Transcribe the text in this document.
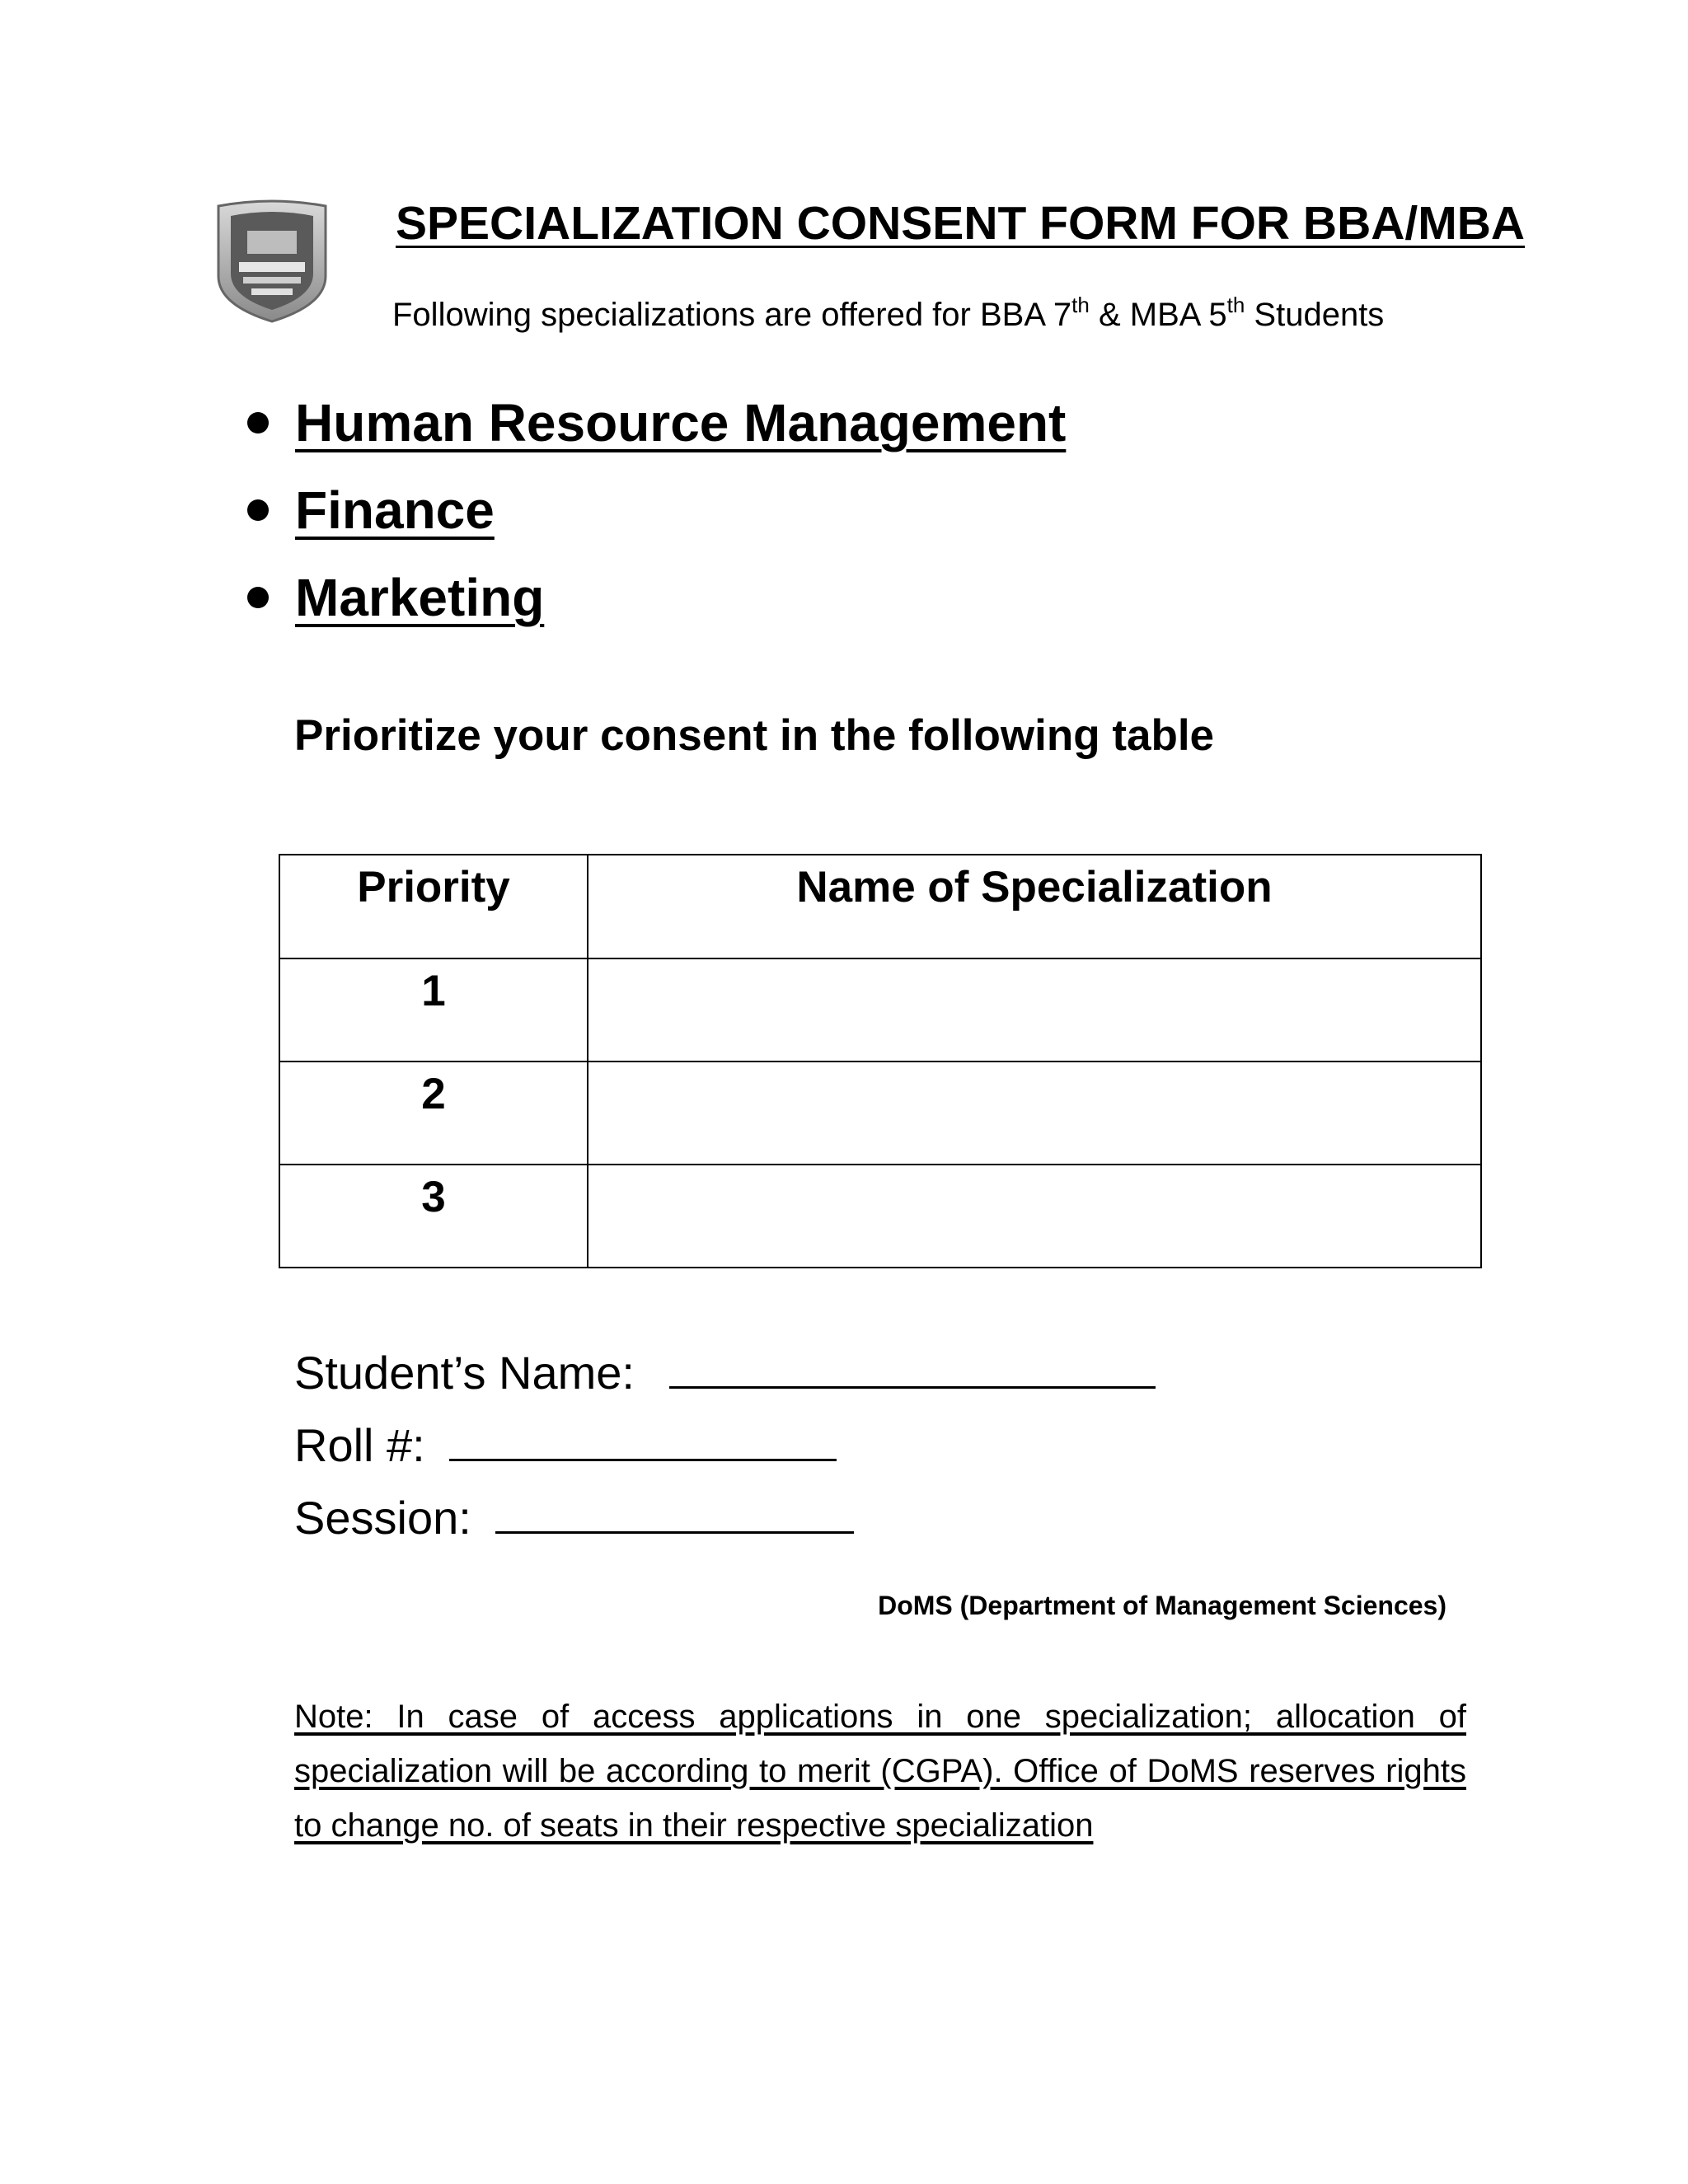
SPECIALIZATION CONSENT FORM FOR BBA/MBA
Following specializations are offered for BBA 7th & MBA 5th Students
Human Resource Management
Finance
Marketing
Prioritize your consent in the following table
Priority	Name of Specialization
1	
2	
3	
Student’s Name:
Roll #:
Session:
DoMS (Department of Management Sciences)
Note: In case of access applications in one specialization; allocation of specialization will be according to merit (CGPA). Office of DoMS reserves rights to change no. of seats in their respective specialization
